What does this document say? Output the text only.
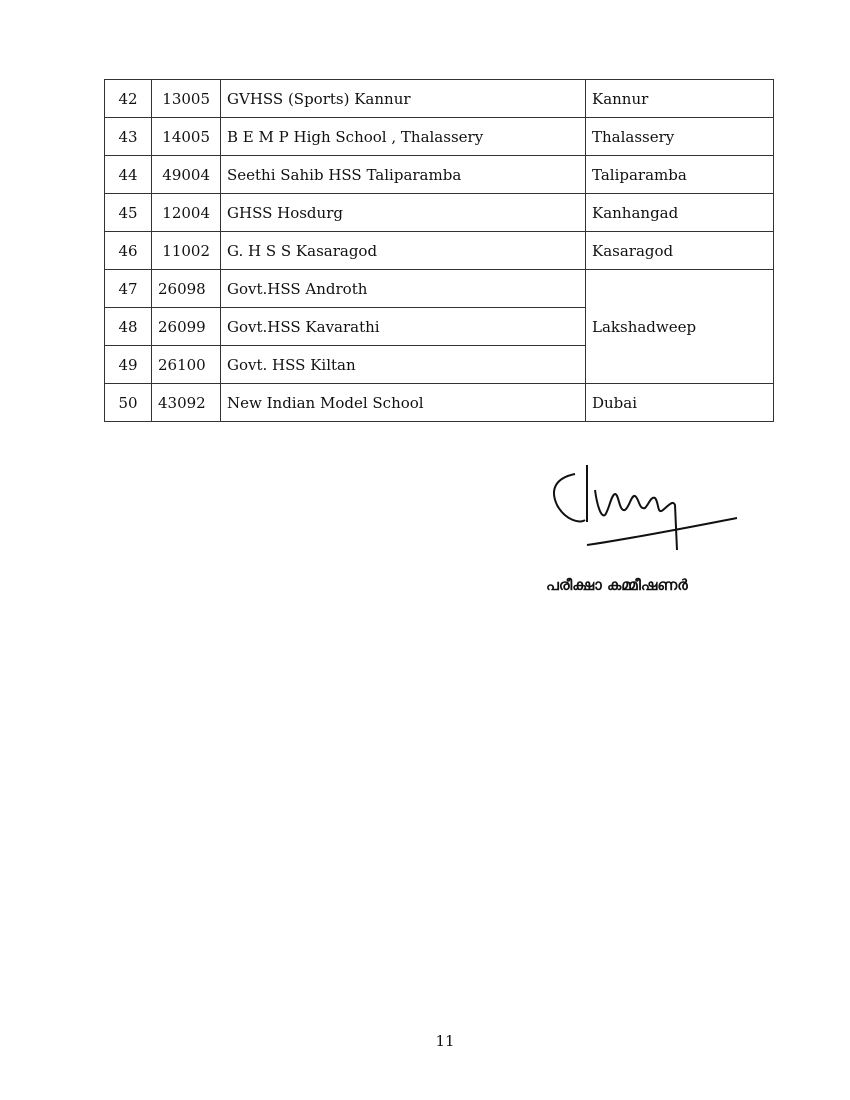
42	13005	GVHSS (Sports) Kannur	Kannur
43	14005	B E M P High School , Thalassery	Thalassery
44	49004	Seethi Sahib HSS Taliparamba	Taliparamba
45	12004	GHSS Hosdurg	Kanhangad
46	11002	G. H S S Kasaragod	Kasaragod
47	26098	Govt.HSS Androth	Lakshadweep
48	26099	Govt.HSS Kavarathi	
49	26100	Govt. HSS Kiltan	
50	43092	New Indian Model School	Dubai
പരീക്ഷാ കമ്മീഷണർ
11
